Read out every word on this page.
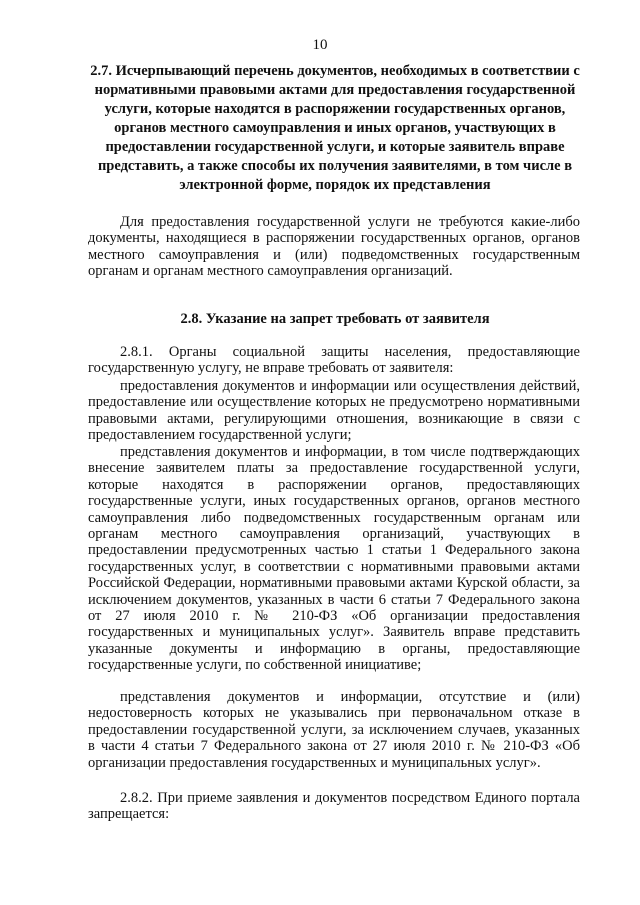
10

2.7. Исчерпывающий перечень документов, необходимых в соответствии с нормативными правовыми актами для предоставления государственной услуги, которые находятся в распоряжении государственных органов, органов местного самоуправления и иных органов, участвующих в предоставлении государственной услуги, и которые заявитель вправе представить, а также способы их получения заявителями, в том числе в электронной форме, порядок их представления

Для предоставления государственной услуги не требуются какие-либо документы, находящиеся в распоряжении государственных органов, органов местного самоуправления и (или) подведомственных государственным органам и органам местного самоуправления организаций.

2.8. Указание на запрет требовать от заявителя

2.8.1. Органы социальной защиты населения, предоставляющие государственную услугу, не вправе требовать от заявителя:

предоставления документов и информации или осуществления действий, предоставление или осуществление которых не предусмотрено нормативными правовыми актами, регулирующими отношения, возникающие в связи с предоставлением государственной услуги;

представления документов и информации, в том числе подтверждающих внесение заявителем платы за предоставление государственной услуги, которые находятся в распоряжении органов, предоставляющих государственные услуги, иных государственных органов, органов местного самоуправления либо подведомственных государственным органам или органам местного самоуправления организаций, участвующих в предоставлении предусмотренных частью 1 статьи 1 Федерального закона государственных услуг, в соответствии с нормативными правовыми актами Российской Федерации, нормативными правовыми актами Курской области, за исключением документов, указанных в части 6 статьи 7 Федерального закона от 27 июля 2010 г. № 210-ФЗ «Об организации предоставления государственных и муниципальных услуг». Заявитель вправе представить указанные документы и информацию в органы, предоставляющие государственные услуги, по собственной инициативе;

представления документов и информации, отсутствие и (или) недостоверность которых не указывались при первоначальном отказе в предоставлении государственной услуги, за исключением случаев, указанных в части 4 статьи 7 Федерального закона от 27 июля 2010 г. № 210-ФЗ «Об организации предоставления государственных и муниципальных услуг».

2.8.2. При приеме заявления и документов посредством Единого портала запрещается:
